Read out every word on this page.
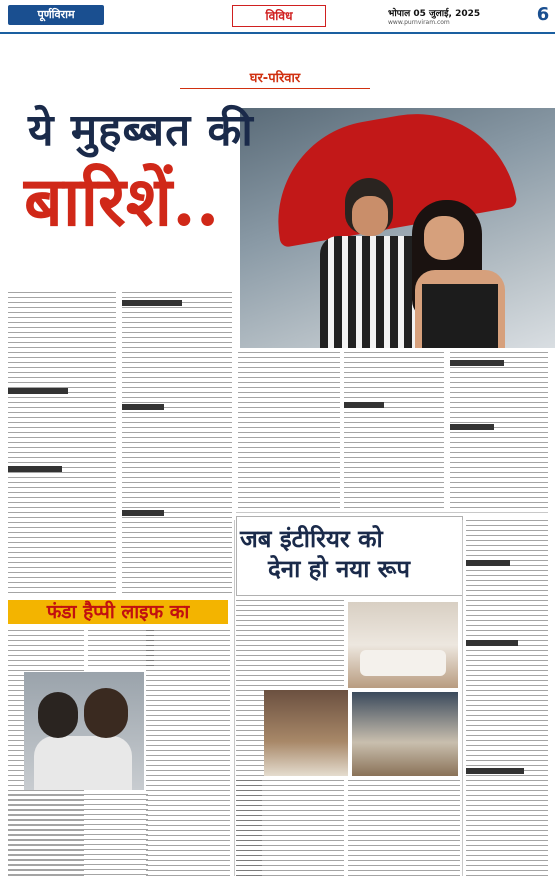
पूर्णविराम	विविध	भोपाल 05 जुलाई, 2025
www.purnviram.com	6
घर-परिवार
ये मुहब्बत की
बारिशें..
जब इंटीरियर को
देना हो नया रूप
फंडा हैप्पी लाइफ का
